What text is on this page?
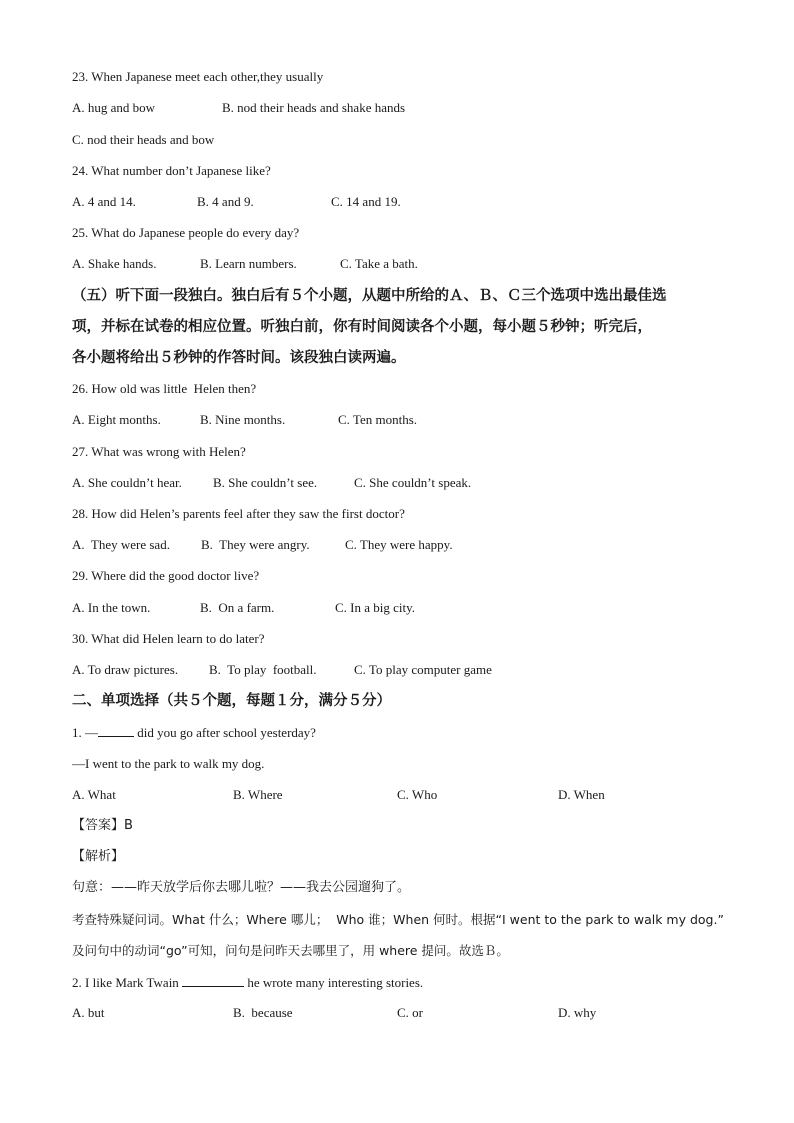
23. When Japanese meet each other,they usually
A. hug and bow	B. nod their heads and shake hands
C. nod their heads and bow
24. What number don’t Japanese like?
A. 4 and 14.	B. 4 and 9.	C. 14 and 19.
25. What do Japanese people do every day?
A. Shake hands.	B. Learn numbers.	C. Take a bath.
（五）听下面一段独白。独白后有５个小题，从题中所给的Ａ、Ｂ、Ｃ三个选项中选出最佳选
项，并标在试卷的相应位置。听独白前，你有时间阅读各个小题，每小题５秒钟；听完后，
各小题将给出５秒钟的作答时间。该段独白读两遍。
26. How old was little  Helen then?
A. Eight months.	B. Nine months.	C. Ten months.
27. What was wrong with Helen?
A. She couldn’t hear. B. She couldn’t see.	C. She couldn’t speak.
28. How did Helen’s parents feel after they saw the first doctor?
A.  They were sad. B.  They were angry.	C. They were happy.
29. Where did the good doctor live?
A. In the town.	B.  On a farm.	C. In a big city.
30. What did Helen learn to do later?
A. To draw pictures. B.  To play  football.	C. To play computer game
二、单项选择（共５个题，每题１分，满分５分）
1. —	did you go after school yesterday?
—I went to the park to walk my dog.
A. What	B. Where	C. Who	D. When
【答案】B
【解析】
句意：——昨天放学后你去哪儿啦？——我去公园遛狗了。
考查特殊疑问词。What 什么；Where 哪儿；  Who 谁；When 何时。根据“I went to the park to walk my dog.”
及问句中的动词“go”可知，问句是问昨天去哪里了，用 where 提问。故选Ｂ。
2. I like Mark Twain	he wrote many interesting stories.
A. but	B.  because	C. or	D. why
